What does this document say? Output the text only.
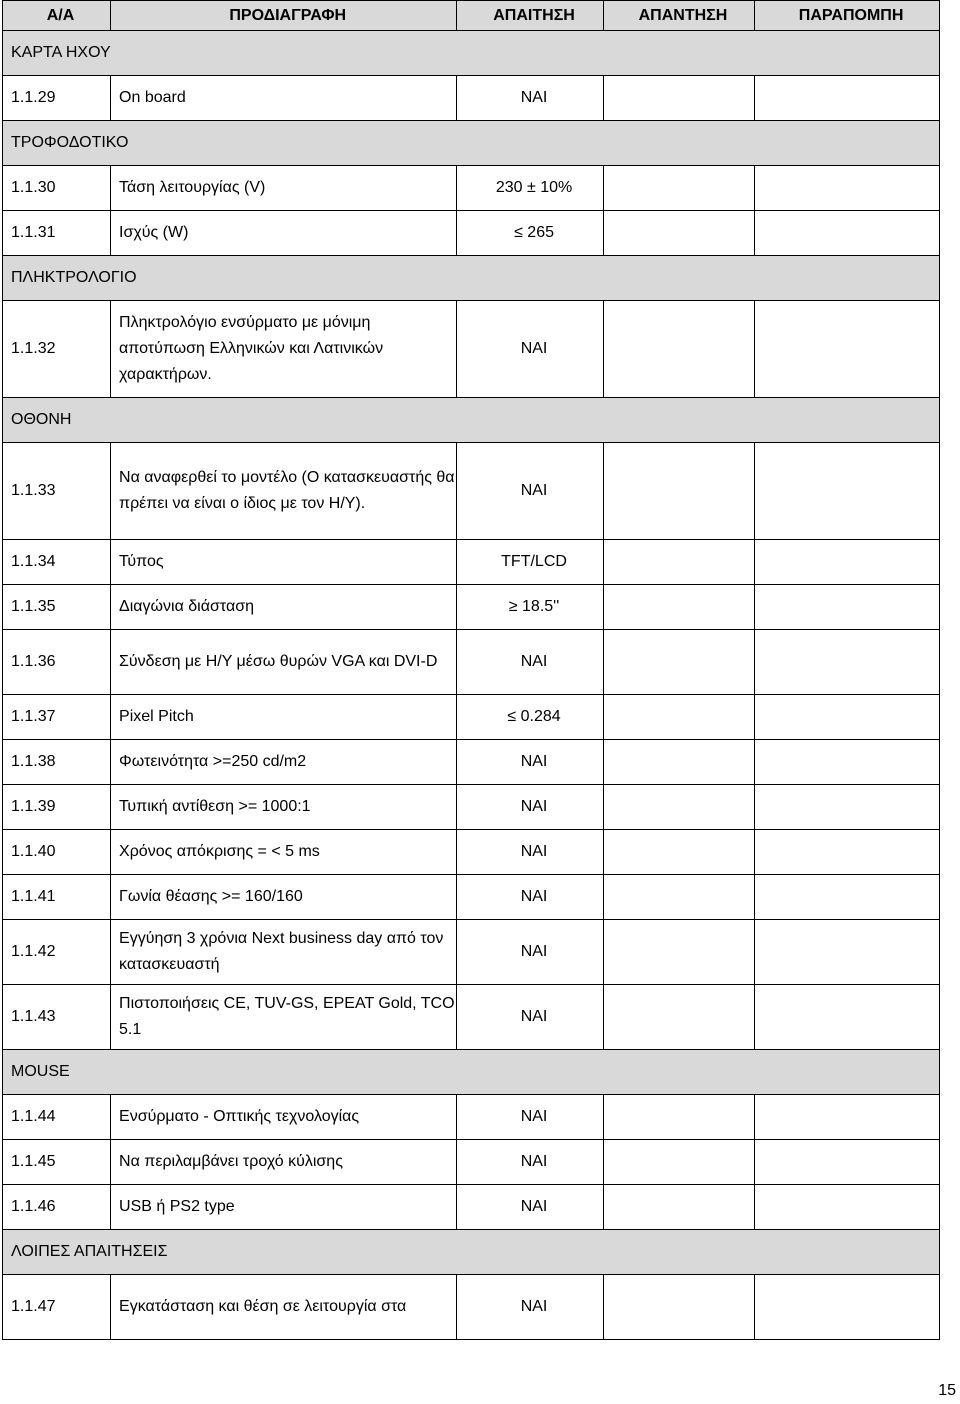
Α/Α	ΠΡΟΔΙΑΓΡΑΦΗ	ΑΠΑΙΤΗΣΗ	ΑΠΑΝΤΗΣΗ	ΠΑΡΑΠΟΜΠΗ
ΚΑΡΤΑ ΗΧΟΥ				
1.1.29	On board	ΝΑΙ		
ΤΡΟΦΟΔΟΤΙΚΟ				
1.1.30	Τάση λειτουργίας (V)	230 ± 10%		
1.1.31	Ισχύς (W)	≤ 265		
ΠΛΗΚΤΡΟΛΟΓΙΟ				
1.1.32	Πληκτρολόγιο ενσύρματο με μόνιμη αποτύπωση Ελληνικών και Λατινικών χαρακτήρων.	ΝΑΙ		
ΟΘΟΝΗ				
1.1.33	Να αναφερθεί το μοντέλο (Ο κατασκευαστής θα πρέπει να είναι ο ίδιος με τον Η/Υ).	ΝΑΙ		
1.1.34	Τύπος	TFT/LCD		
1.1.35	Διαγώνια διάσταση	≥ 18.5''		
1.1.36	Σύνδεση με Η/Υ μέσω θυρών VGA και DVI-D	ΝΑΙ		
1.1.37	Pixel Pitch	≤ 0.284		
1.1.38	Φωτεινότητα >=250 cd/m2	ΝΑΙ		
1.1.39	Τυπική αντίθεση >= 1000:1	ΝΑΙ		
1.1.40	Χρόνος απόκρισης = < 5 ms	ΝΑΙ		
1.1.41	Γωνία θέασης >= 160/160	ΝΑΙ		
1.1.42	Εγγύηση 3 χρόνια Next business day από τον κατασκευαστή	ΝΑΙ		
1.1.43	Πιστοποιήσεις CE, TUV-GS, EPEAT Gold, TCO 5.1	ΝΑΙ		
MOUSE				
1.1.44	Ενσύρματο - Οπτικής τεχνολογίας	ΝΑΙ		
1.1.45	Να περιλαμβάνει τροχό κύλισης	ΝΑΙ		
1.1.46	USB ή PS2 type	ΝΑΙ		
ΛΟΙΠΕΣ ΑΠΑΙΤΗΣΕΙΣ				
1.1.47	Εγκατάσταση και θέση σε λειτουργία στα	ΝΑΙ		
15
